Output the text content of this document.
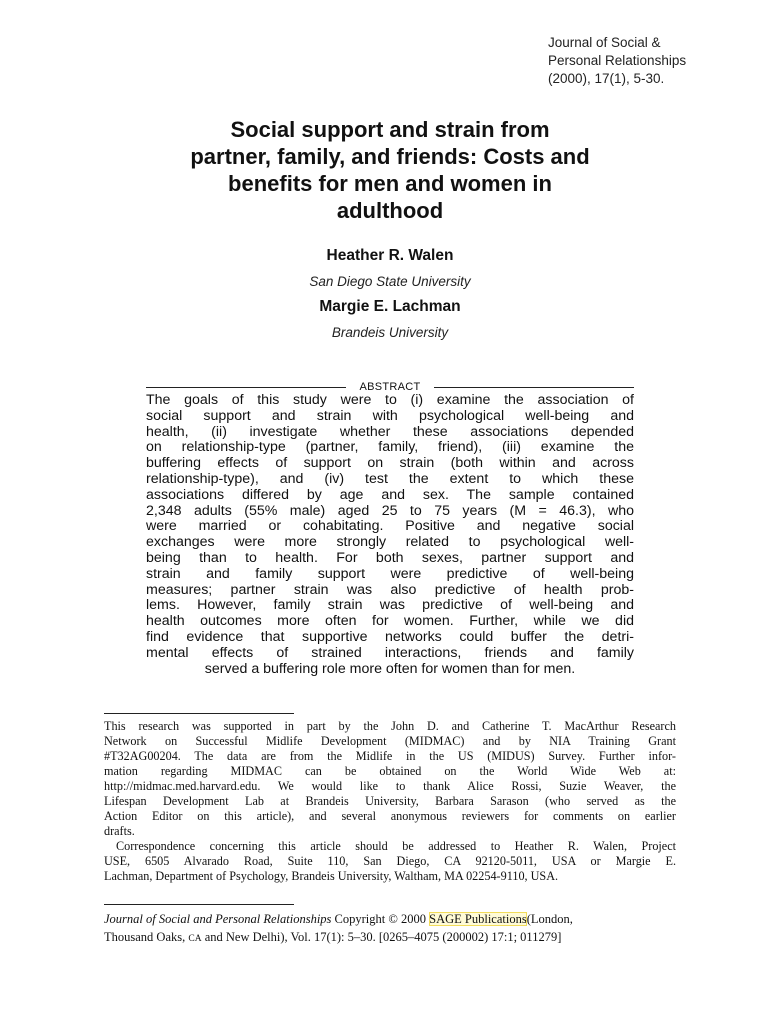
Journal of Social &
Personal Relationships
(2000), 17(1), 5-30.
Social support and strain from
partner, family, and friends: Costs and
benefits for men and women in
adulthood
Heather R. Walen
San Diego State University
Margie E. Lachman
Brandeis University
ABSTRACT
The goals of this study were to (i) examine the association of
social support and strain with psychological well-being and
health, (ii) investigate whether these associations depended
on relationship-type (partner, family, friend), (iii) examine the
buffering effects of support on strain (both within and across
relationship-type), and (iv) test the extent to which these
associations differed by age and sex. The sample contained
2,348 adults (55% male) aged 25 to 75 years (M = 46.3), who
were married or cohabitating. Positive and negative social
exchanges were more strongly related to psychological well-
being than to health. For both sexes, partner support and
strain and family support were predictive of well-being
measures; partner strain was also predictive of health prob-
lems. However, family strain was predictive of well-being and
health outcomes more often for women. Further, while we did
find evidence that supportive networks could buffer the detri-
mental effects of strained interactions, friends and family
served a buffering role more often for women than for men.
This research was supported in part by the John D. and Catherine T. MacArthur Research
Network on Successful Midlife Development (MIDMAC) and by NIA Training Grant
#T32AG00204. The data are from the Midlife in the US (MIDUS) Survey. Further infor-
mation regarding MIDMAC can be obtained on the World Wide Web at:
http://midmac.med.harvard.edu. We would like to thank Alice Rossi, Suzie Weaver, the
Lifespan Development Lab at Brandeis University, Barbara Sarason (who served as the
Action Editor on this article), and several anonymous reviewers for comments on earlier
drafts.
Correspondence concerning this article should be addressed to Heather R. Walen, Project
USE, 6505 Alvarado Road, Suite 110, San Diego, CA 92120-5011, USA or Margie E.
Lachman, Department of Psychology, Brandeis University, Waltham, MA 02254-9110, USA.
Journal of Social and Personal Relationships Copyright © 2000 SAGE Publications(London,
Thousand Oaks, CA and New Delhi), Vol. 17(1): 5–30. [0265–4075 (200002) 17:1; 011279]
